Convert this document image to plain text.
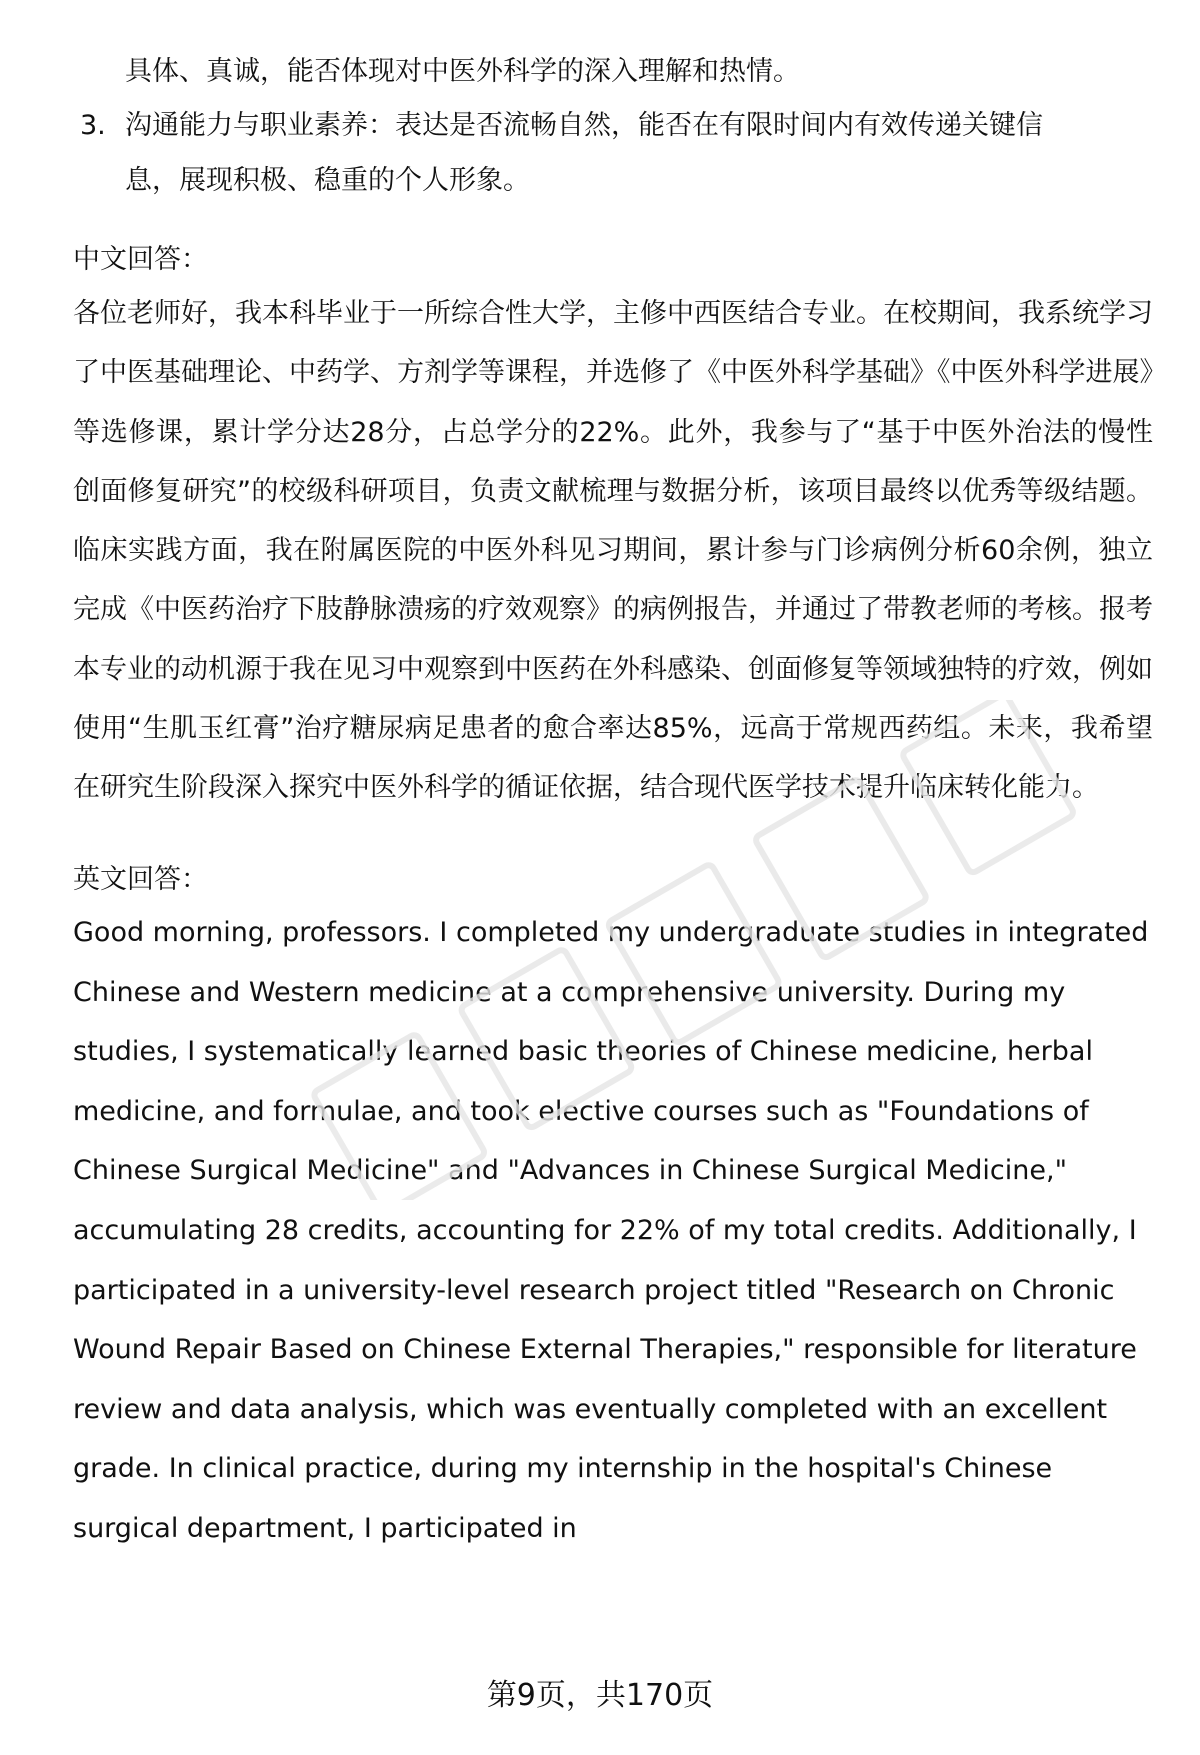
具体、真诚，能否体现对中医外科学的深入理解和热情。
3. 沟通能力与职业素养：表达是否流畅自然，能否在有限时间内有效传递关键信
息，展现积极、稳重的个人形象。
中文回答：

各位老师好，我本科毕业于一所综合性大学，主修中西医结合专业。在校期间，我系统学习了中医基础理论、中药学、方剂学等课程，并选修了《中医外科学基础》《中医外科学进展》等选修课，累计学分达28分，占总学分的22%。此外，我参与了“基于中医外治法的慢性创面修复研究”的校级科研项目，负责文献梳理与数据分析，该项目最终以优秀等级结题。临床实践方面，我在附属医院的中医外科见习期间，累计参与门诊病例分析60余例，独立完成《中医药治疗下肢静脉溃疡的疗效观察》的病例报告，并通过了带教老师的考核。报考本专业的动机源于我在见习中观察到中医药在外科感染、创面修复等领域独特的疗效，例如使用“生肌玉红膏”治疗糖尿病足患者的愈合率达85%，远高于常规西药组。未来，我希望在研究生阶段深入探究中医外科学的循证依据，结合现代医学技术提升临床转化能力。

英文回答：

Good morning, professors. I completed my undergraduate studies in integrated Chinese and Western medicine at a comprehensive university. During my studies, I systematically learned basic theories of Chinese medicine, herbal medicine, and formulae, and took elective courses such as "Foundations of Chinese Surgical Medicine" and "Advances in Chinese Surgical Medicine," accumulating 28 credits, accounting for 22% of my total credits. Additionally, I participated in a university-level research project titled "Research on Chronic Wound Repair Based on Chinese External Therapies," responsible for literature review and data analysis, which was eventually completed with an excellent grade. In clinical practice, during my internship in the hospital's Chinese surgical department, I participated in

第9页，共170页
